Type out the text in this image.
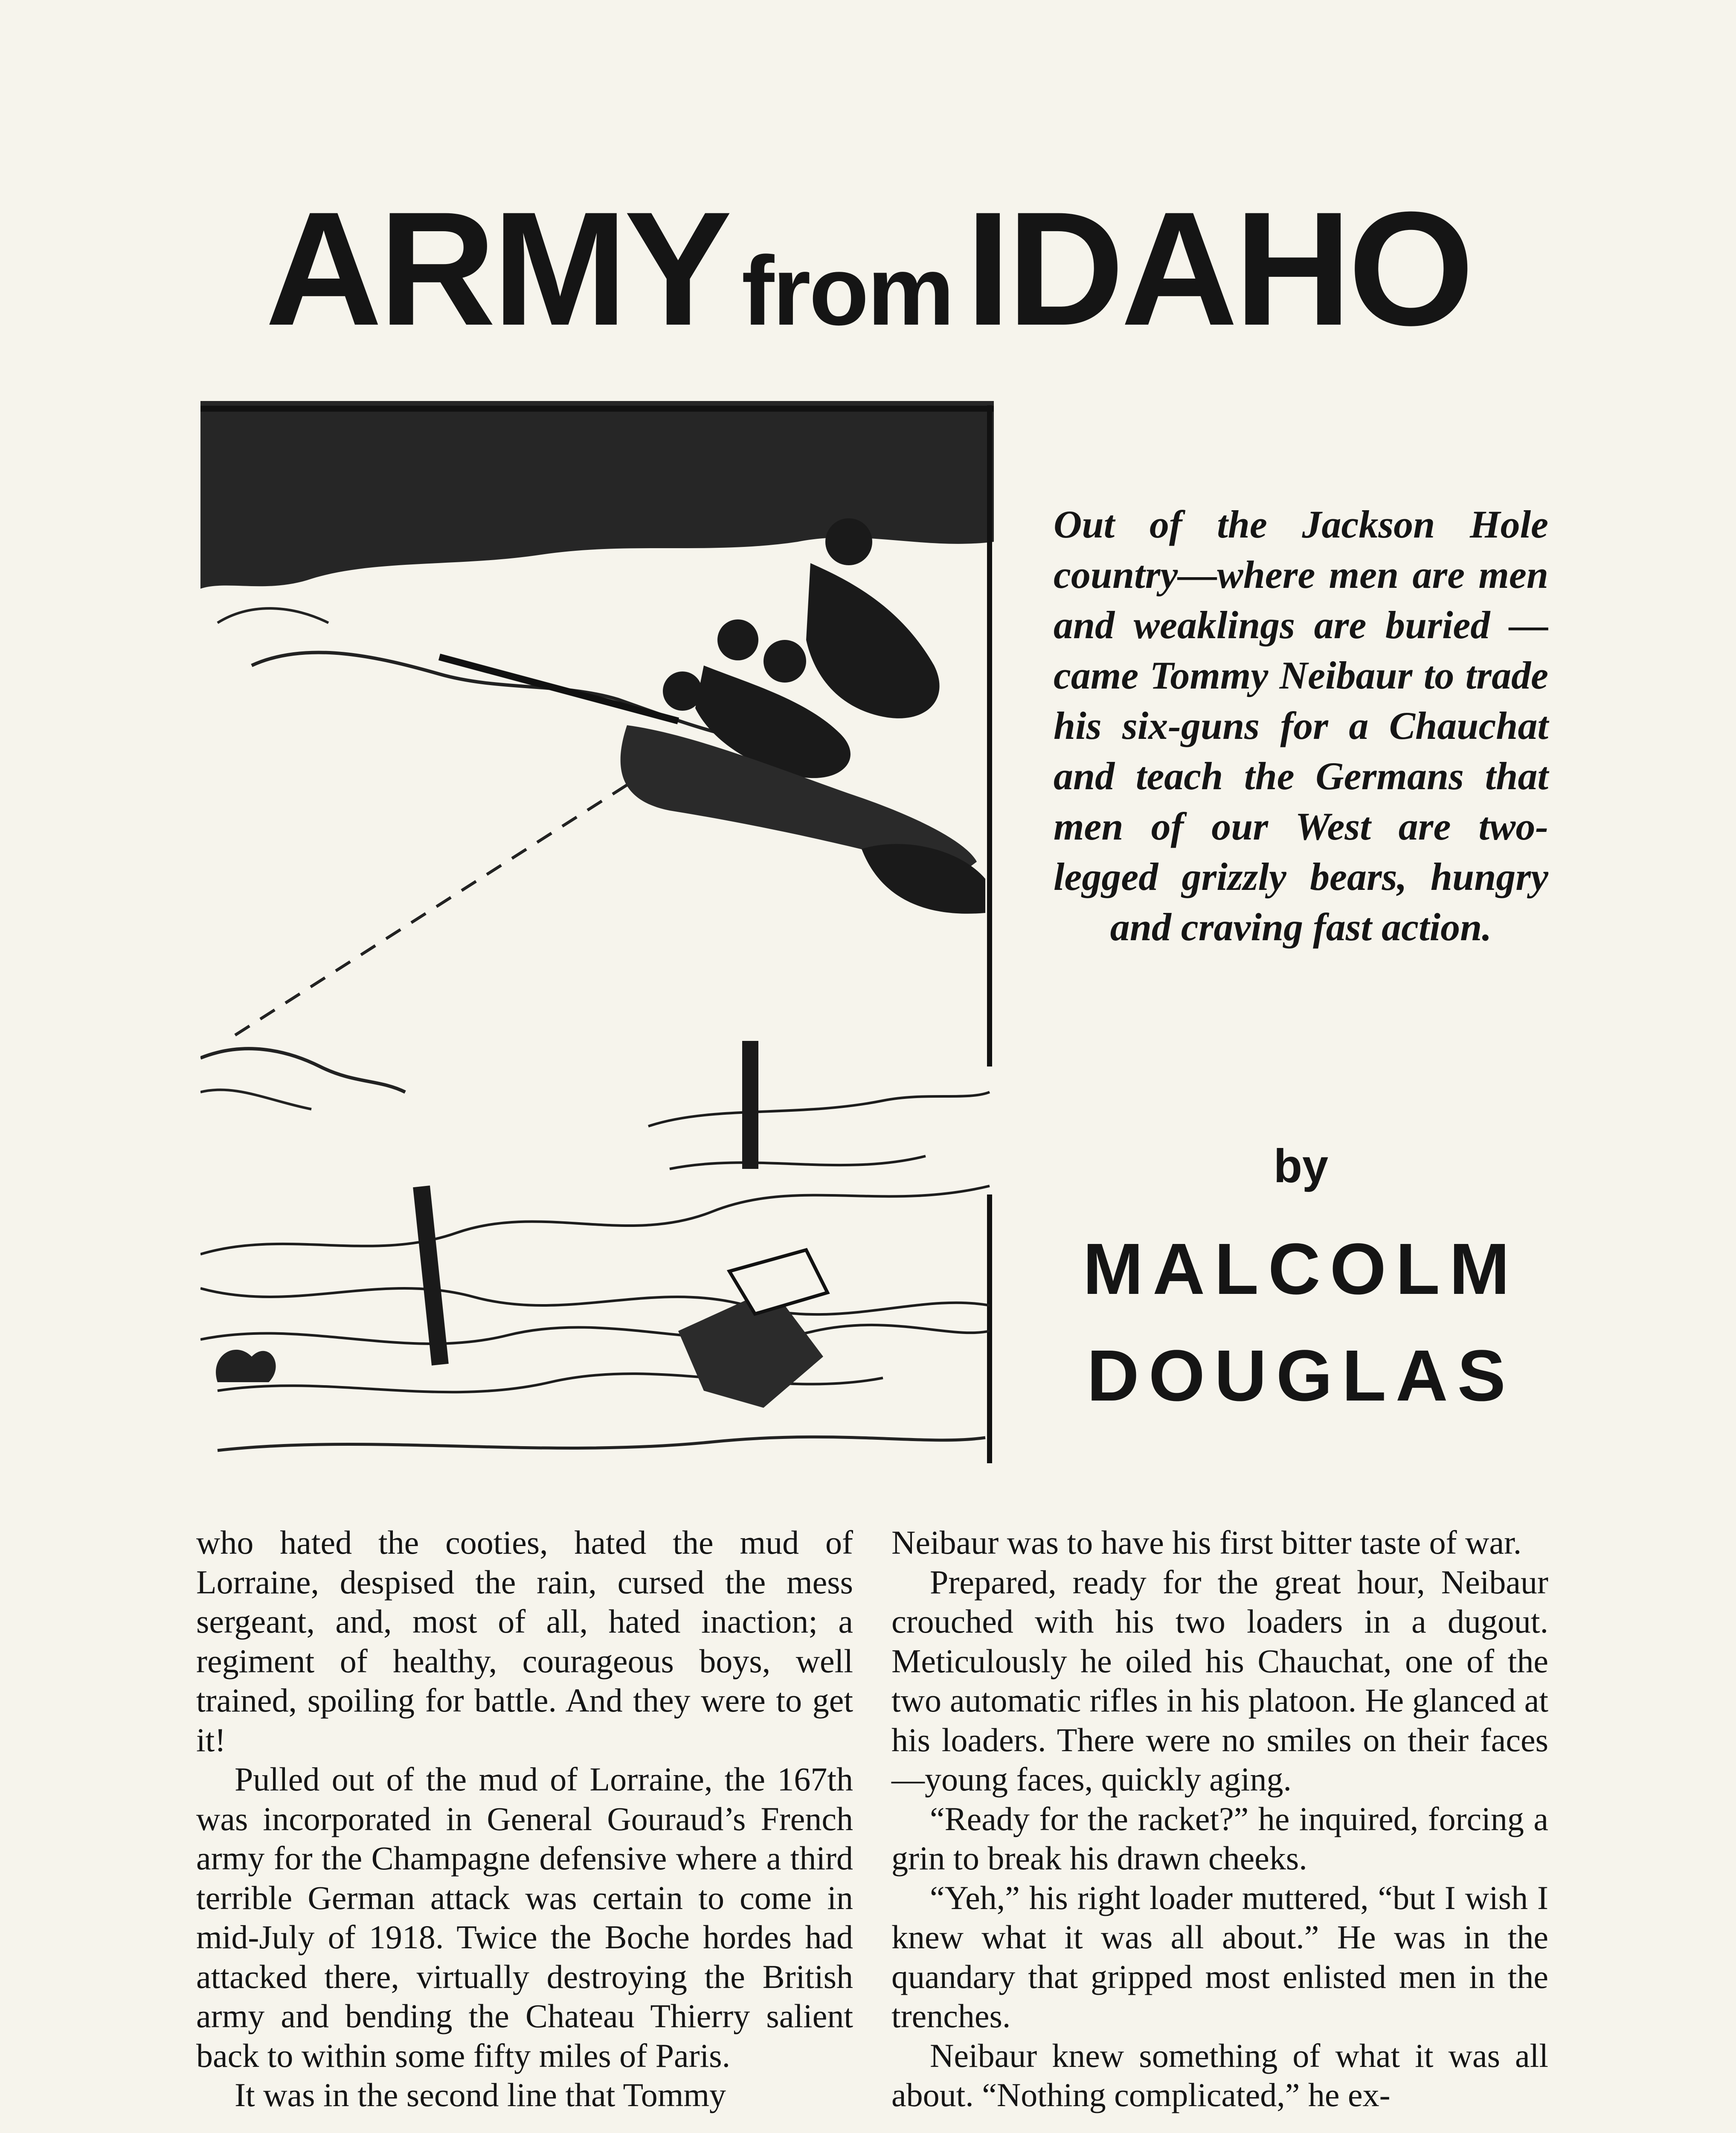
ARMY fromIDAHO
Out of the Jackson Hole country—where men are men and weaklings are buried — came Tommy Neibaur to trade his six-guns for a Chauchat and teach the Germans that men of our West are two-legged grizzly bears, hungry and craving fast action.
by
MALCOLM
DOUGLAS

who hated the cooties, hated the mud of Lorraine, despised the rain, cursed the mess sergeant, and, most of all, hated inaction; a regiment of healthy, courageous boys, well trained, spoiling for battle. And they were to get it!

Pulled out of the mud of Lorraine, the 167th was incorporated in General Gouraud’s French army for the Champagne defensive where a third terrible German attack was certain to come in mid-July of 1918. Twice the Boche hordes had attacked there, virtually destroying the British army and bending the Chateau Thierry salient back to within some fifty miles of Paris.

It was in the second line that Tommy

Neibaur was to have his first bitter taste of war.

Prepared, ready for the great hour, Neibaur crouched with his two loaders in a dugout. Meticulously he oiled his Chauchat, one of the two automatic rifles in his platoon. He glanced at his loaders. There were no smiles on their faces—young faces, quickly aging.

“Ready for the racket?” he inquired, forcing a grin to break his drawn cheeks.

“Yeh,” his right loader muttered, “but I wish I knew what it was all about.” He was in the quandary that gripped most enlisted men in the trenches.

Neibaur knew something of what it was all about. “Nothing complicated,” he ex-
